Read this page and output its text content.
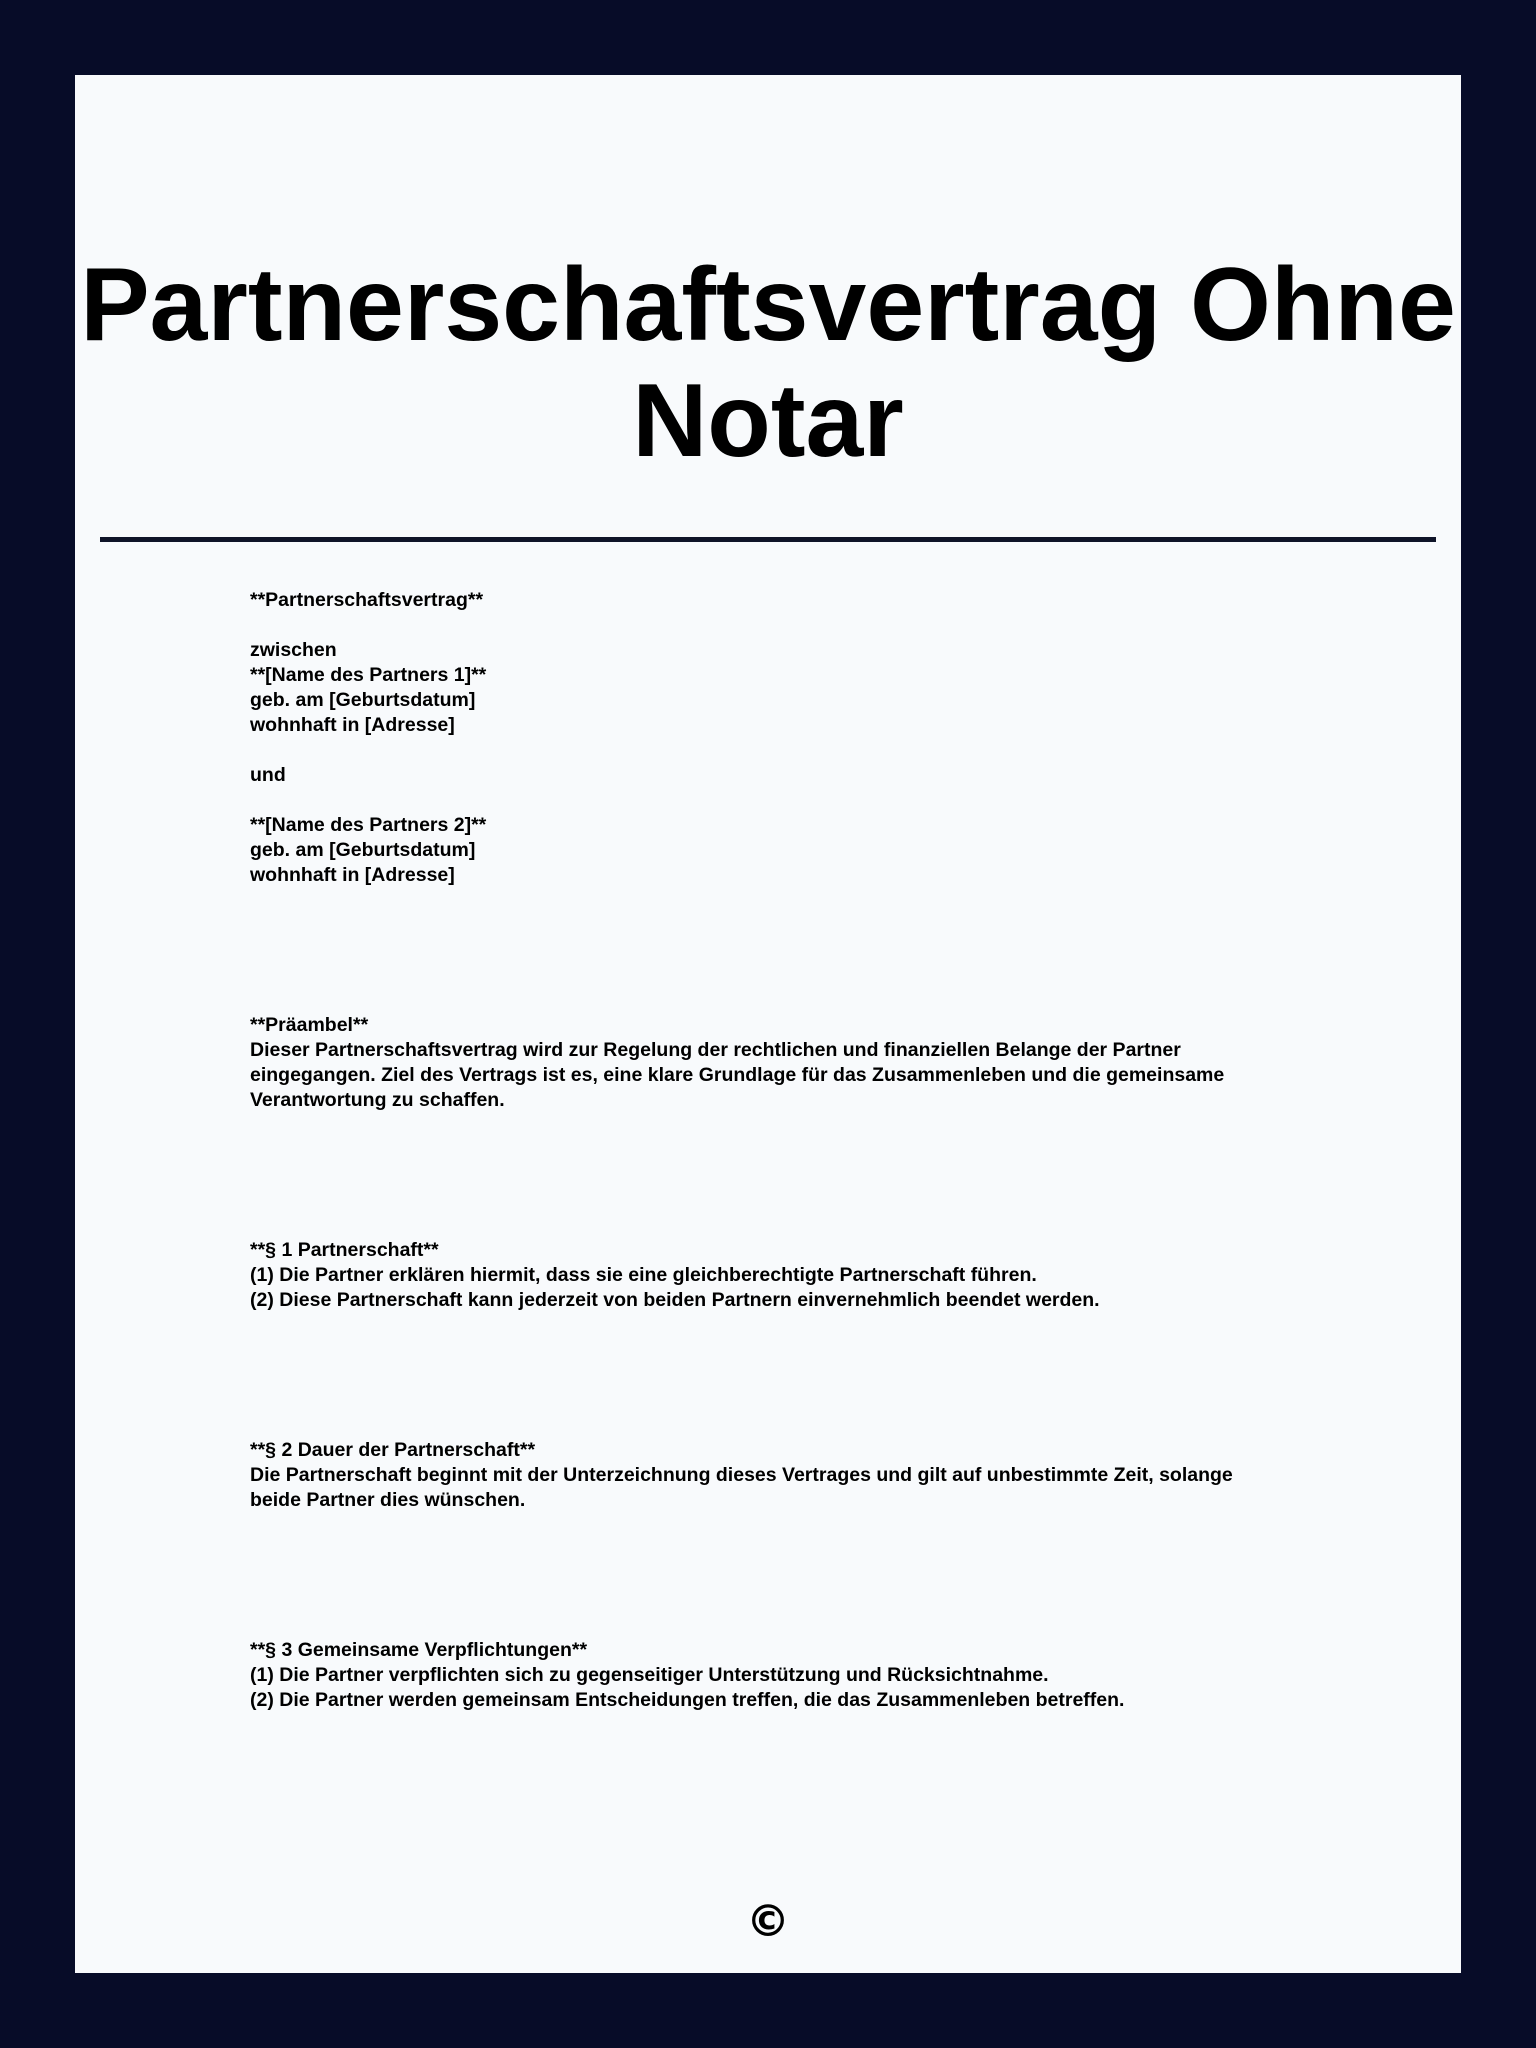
Partnerschaftsvertrag Ohne Notar
**Partnerschaftsvertrag**
zwischen
**[Name des Partners 1]**
geb. am [Geburtsdatum]
wohnhaft in [Adresse]
und
**[Name des Partners 2]**
geb. am [Geburtsdatum]
wohnhaft in [Adresse]
**Präambel**
Dieser Partnerschaftsvertrag wird zur Regelung der rechtlichen und finanziellen Belange der Partner
eingegangen. Ziel des Vertrags ist es, eine klare Grundlage für das Zusammenleben und die gemeinsame
Verantwortung zu schaffen.
**§ 1 Partnerschaft**
(1) Die Partner erklären hiermit, dass sie eine gleichberechtigte Partnerschaft führen.
(2) Diese Partnerschaft kann jederzeit von beiden Partnern einvernehmlich beendet werden.
**§ 2 Dauer der Partnerschaft**
Die Partnerschaft beginnt mit der Unterzeichnung dieses Vertrages und gilt auf unbestimmte Zeit, solange
beide Partner dies wünschen.
**§ 3 Gemeinsame Verpflichtungen**
(1) Die Partner verpflichten sich zu gegenseitiger Unterstützung und Rücksichtnahme.
(2) Die Partner werden gemeinsam Entscheidungen treffen, die das Zusammenleben betreffen.
©
